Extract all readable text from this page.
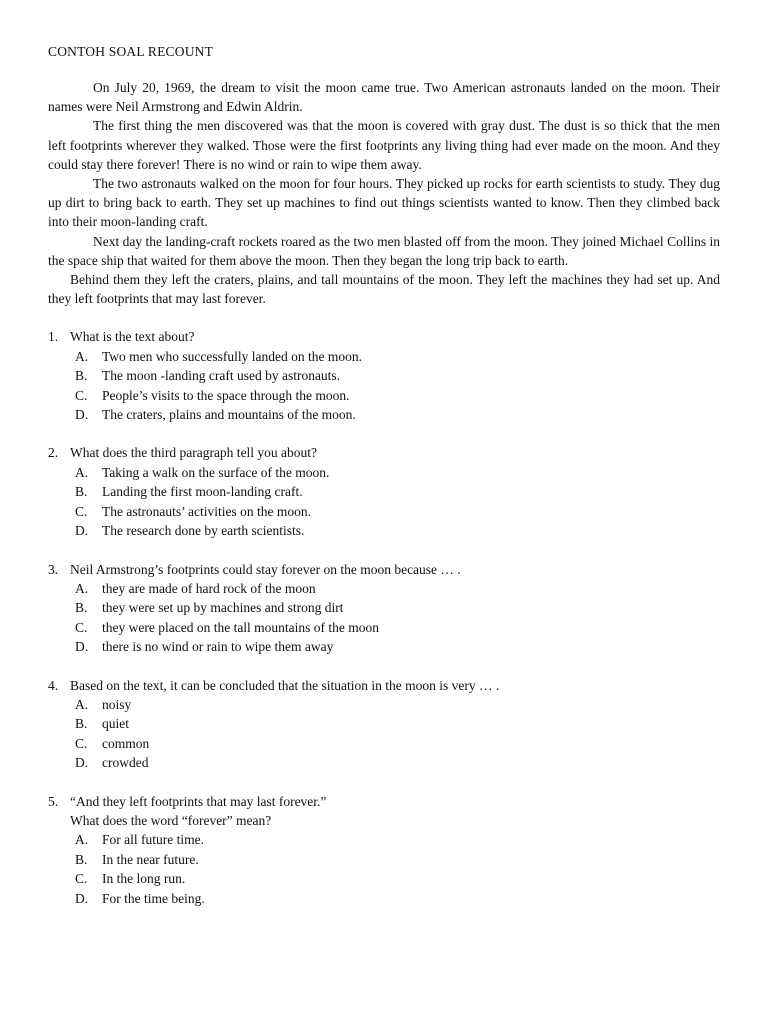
CONTOH SOAL RECOUNT

On July 20, 1969, the dream to visit the moon came true. Two American astronauts landed on the moon. Their names were Neil Armstrong and Edwin Aldrin.

The first thing the men discovered was that the moon is covered with gray dust. The dust is so thick that the men left footprints wherever they walked. Those were the first footprints any living thing had ever made on the moon. And they could stay there forever! There is no wind or rain to wipe them away.

The two astronauts walked on the moon for four hours. They picked up rocks for earth scientists to study. They dug up dirt to bring back to earth. They set up machines to find out things scientists wanted to know. Then they climbed back into their moon-landing craft.

Next day the landing-craft rockets roared as the two men blasted off from the moon. They joined Michael Collins in the space ship that waited for them above the moon. Then they began the long trip back to earth.

Behind them they left the craters, plains, and tall mountains of the moon. They left the machines they had set up. And they left footprints that may last forever.

1. What is the text about?
A.	Two men who successfully landed on the moon.
B.	The moon -landing craft used by astronauts.
C.	People’s visits to the space through the moon.
D.	The craters, plains and mountains of the moon.
2. What does the third paragraph tell you about?
A.	Taking a walk on the surface of the moon.
B.	Landing the first moon-landing craft.
C.	The astronauts’ activities on the moon.
D.	The research done by earth scientists.
3. Neil Armstrong’s footprints could stay forever on the moon because … .
A.	they are made of hard rock of the moon
B.	they were set up by machines and strong dirt
C.	they were placed on the tall mountains of the moon
D.	there is no wind or rain to wipe them away
4. Based on the text, it can be concluded that the situation in the moon is very … .
A.	noisy
B.	quiet
C.	common
D.	crowded
5. “And they left footprints that may last forever.”
What does the word “forever” mean?
A.	For all future time.
B.	In the near future.
C.	In the long run.
D.	For the time being.
